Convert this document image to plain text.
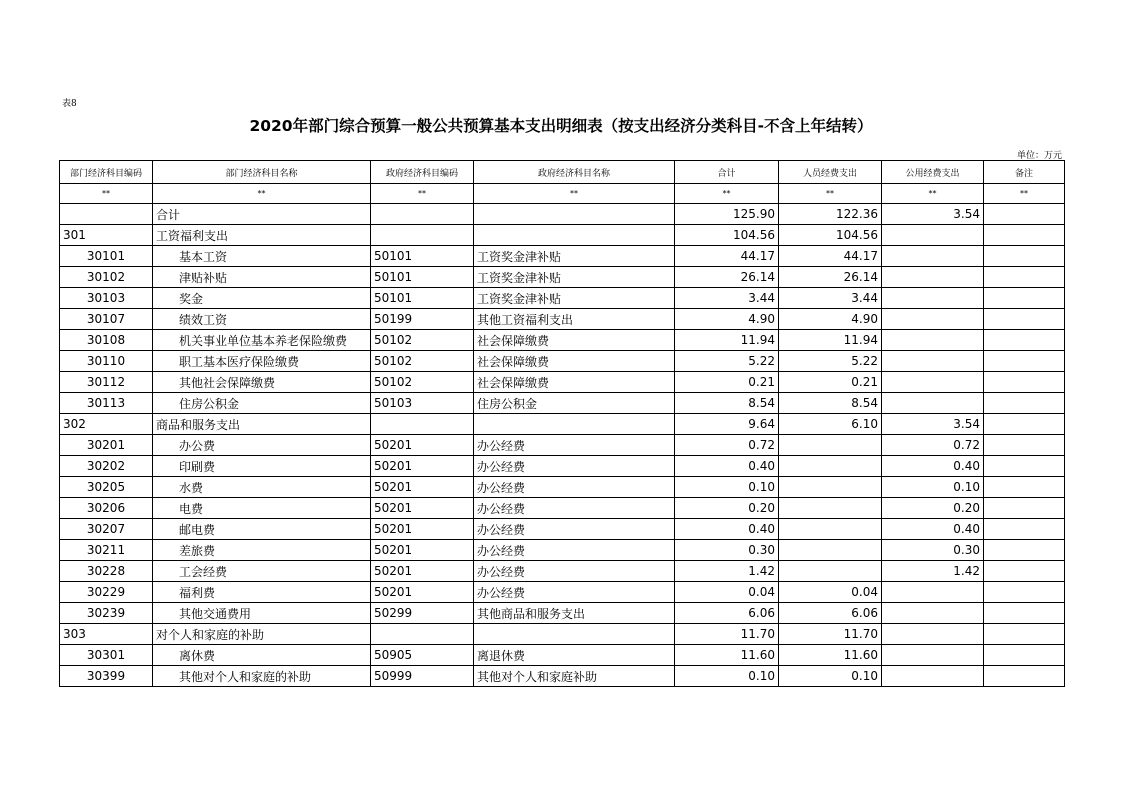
表8
2020年部门综合预算一般公共预算基本支出明细表（按支出经济分类科目-不含上年结转）
单位：万元
部门经济科目编码	部门经济科目名称	政府经济科目编码	政府经济科目名称	合计	人员经费支出	公用经费支出	备注
**	**	**	**	**	**	**	**
	合计			125.90	122.36	3.54	
301	工资福利支出			104.56	104.56		
30101	基本工资	50101	工资奖金津补贴	44.17	44.17		
30102	津贴补贴	50101	工资奖金津补贴	26.14	26.14		
30103	奖金	50101	工资奖金津补贴	3.44	3.44		
30107	绩效工资	50199	其他工资福利支出	4.90	4.90		
30108	机关事业单位基本养老保险缴费	50102	社会保障缴费	11.94	11.94		
30110	职工基本医疗保险缴费	50102	社会保障缴费	5.22	5.22		
30112	其他社会保障缴费	50102	社会保障缴费	0.21	0.21		
30113	住房公积金	50103	住房公积金	8.54	8.54		
302	商品和服务支出			9.64	6.10	3.54	
30201	办公费	50201	办公经费	0.72		0.72	
30202	印刷费	50201	办公经费	0.40		0.40	
30205	水费	50201	办公经费	0.10		0.10	
30206	电费	50201	办公经费	0.20		0.20	
30207	邮电费	50201	办公经费	0.40		0.40	
30211	差旅费	50201	办公经费	0.30		0.30	
30228	工会经费	50201	办公经费	1.42		1.42	
30229	福利费	50201	办公经费	0.04	0.04		
30239	其他交通费用	50299	其他商品和服务支出	6.06	6.06		
303	对个人和家庭的补助			11.70	11.70		
30301	离休费	50905	离退休费	11.60	11.60		
30399	其他对个人和家庭的补助	50999	其他对个人和家庭补助	0.10	0.10		
